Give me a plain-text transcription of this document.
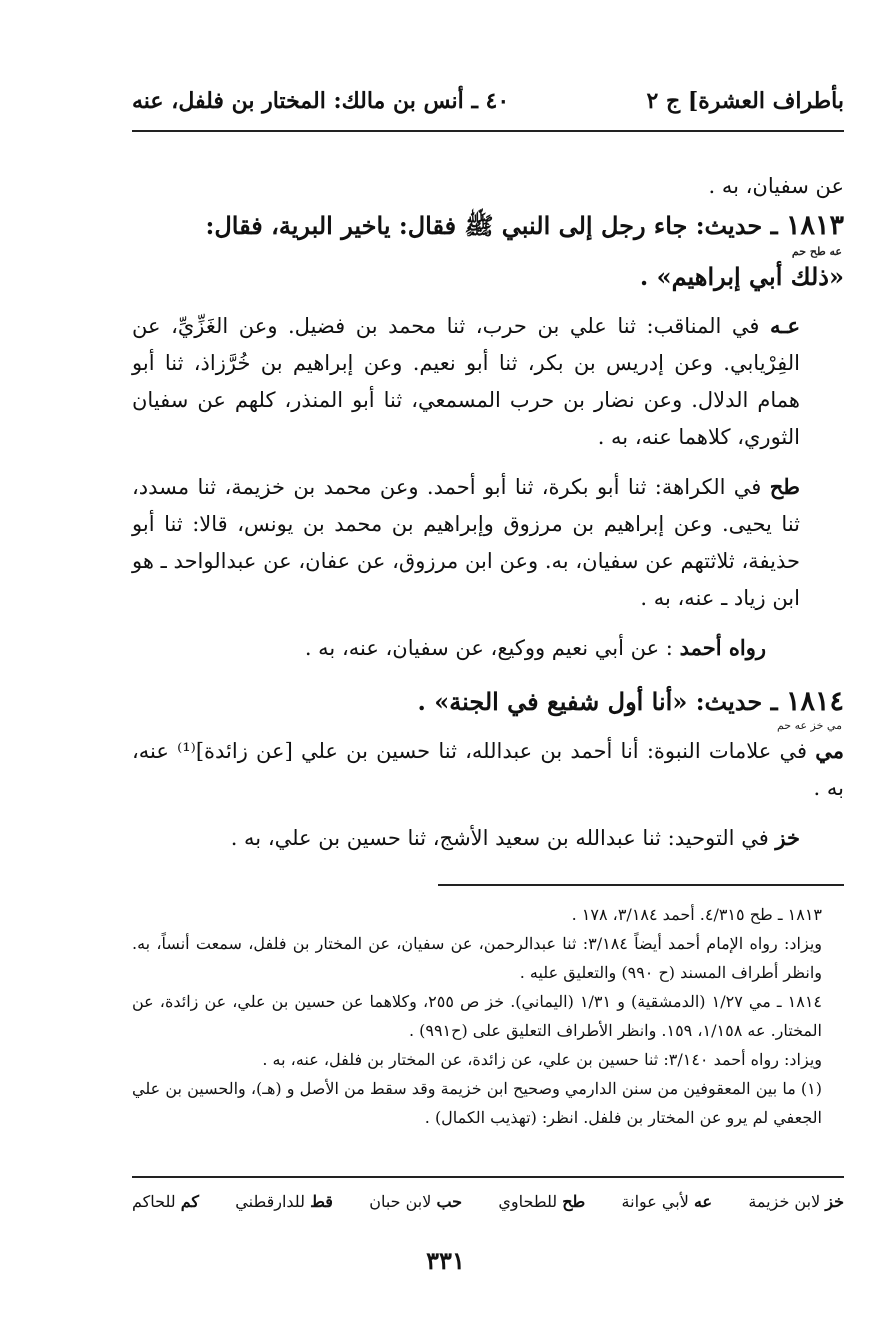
بأطراف العشرة] ج ٢
٤٠ ـ أنس بن مالك: المختار بن فلفل، عنه

عن سفيان، به .

١٨١٣ ـ حديث: جاء رجل إلى النبي ﷺ فقال: ياخير البرية، فقال:

عه طح حم
«ذلك أبي إبراهيم» .

عـه في المناقب: ثنا علي بن حرب، ثنا محمد بن فضيل. وعن الغَزِّيِّ، عن الفِرْيابي. وعن إدريس بن بكر، ثنا أبو نعيم. وعن إبراهيم بن خُرَّزاذ، ثنا أبو همام الدلال. وعن نضار بن حرب المسمعي، ثنا أبو المنذر، كلهم عن سفيان الثوري، كلاهما عنه، به .

طح في الكراهة: ثنا أبو بكرة، ثنا أبو أحمد. وعن محمد بن خزيمة، ثنا مسدد، ثنا يحيى. وعن إبراهيم بن مرزوق وإبراهيم بن محمد بن يونس، قالا: ثنا أبو حذيفة، ثلاثتهم عن سفيان، به. وعن ابن مرزوق، عن عفان، عن عبدالواحد ـ هو ابن زياد ـ عنه، به .

رواه أحمد : عن أبي نعيم ووكيع، عن سفيان، عنه، به .

١٨١٤ ـ حديث: «أنا أول شفيع في الجنة» .

مي خز عه حم

مي في علامات النبوة: أنا أحمد بن عبدالله، ثنا حسين بن علي [عن زائدة]⁽¹⁾ عنه، به .

خز في التوحيد: ثنا عبدالله بن سعيد الأشج، ثنا حسين بن علي، به .

١٨١٣ ـ طح ٤/٣١٥. أحمد ٣/١٨٤، ١٧٨ .

ويزاد: رواه الإمام أحمد أيضاً ٣/١٨٤: ثنا عبدالرحمن، عن سفيان، عن المختار بن فلفل، سمعت أنساً، به. وانظر أطراف المسند (ح ٩٩٠) والتعليق عليه .

١٨١٤ ـ مي ١/٢٧ (الدمشقية) و ١/٣١ (اليماني). خز ص ٢٥٥، وكلاهما عن حسين بن علي، عن زائدة، عن المختار. عه ١/١٥٨، ١٥٩. وانظر الأطراف التعليق على (ح٩٩١) .

ويزاد: رواه أحمد ٣/١٤٠: ثنا حسين بن علي، عن زائدة، عن المختار بن فلفل، عنه، به .

(١) ما بين المعقوفين من سنن الدارمي وصحيح ابن خزيمة وقد سقط من الأصل و (هـ)، والحسين بن علي الجعفي لم يرو عن المختار بن فلفل. انظر: (تهذيب الكمال) .

خز لابن خزيمة
عه لأبي عوانة
طح للطحاوي
حب لابن حبان
قط للدارقطني
كم للحاكم
٣٣١
